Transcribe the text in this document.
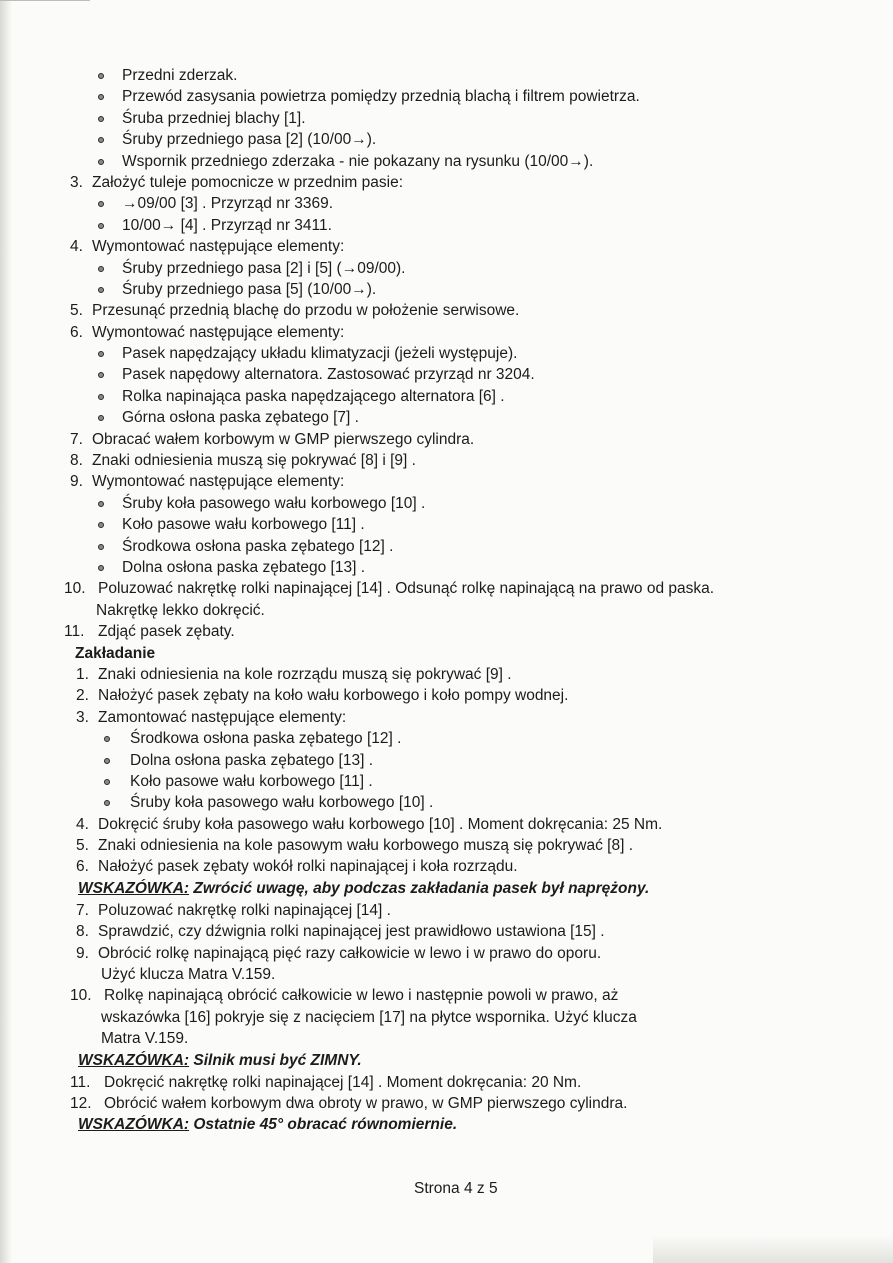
Przedni zderzak.
Przewód zasysania powietrza pomiędzy przednią blachą i filtrem powietrza.
Śruba przedniej blachy [1].
Śruby przedniego pasa [2] (10/00→).
Wspornik przedniego zderzaka - nie pokazany na rysunku (10/00→).
3. Założyć tuleje pomocnicze w przednim pasie:
→09/00 [3] . Przyrząd nr 3369.
10/00→ [4] . Przyrząd nr 3411.
4. Wymontować następujące elementy:
Śruby przedniego pasa [2] i [5] (→09/00).
Śruby przedniego pasa [5] (10/00→).
5. Przesunąć przednią blachę do przodu w położenie serwisowe.
6. Wymontować następujące elementy:
Pasek napędzający układu klimatyzacji (jeżeli występuje).
Pasek napędowy alternatora. Zastosować przyrząd nr 3204.
Rolka napinająca paska napędzającego alternatora [6] .
Górna osłona paska zębatego [7] .
7. Obracać wałem korbowym w GMP pierwszego cylindra.
8. Znaki odniesienia muszą się pokrywać [8] i [9] .
9. Wymontować następujące elementy:
Śruby koła pasowego wału korbowego [10] .
Koło pasowe wału korbowego [11] .
Środkowa osłona paska zębatego [12] .
Dolna osłona paska zębatego [13] .
10. Poluzować nakrętkę rolki napinającej [14] . Odsunąć rolkę napinającą na prawo od paska.
Nakrętkę lekko dokręcić.
11. Zdjąć pasek zębaty.
Zakładanie
1. Znaki odniesienia na kole rozrządu muszą się pokrywać [9] .
2. Nałożyć pasek zębaty na koło wału korbowego i koło pompy wodnej.
3. Zamontować następujące elementy:
Środkowa osłona paska zębatego [12] .
Dolna osłona paska zębatego [13] .
Koło pasowe wału korbowego [11] .
Śruby koła pasowego wału korbowego [10] .
4. Dokręcić śruby koła pasowego wału korbowego [10] . Moment dokręcania: 25 Nm.
5. Znaki odniesienia na kole pasowym wału korbowego muszą się pokrywać [8] .
6. Nałożyć pasek zębaty wokół rolki napinającej i koła rozrządu.
WSKAZÓWKA: Zwrócić uwagę, aby podczas zakładania pasek był naprężony.
7. Poluzować nakrętkę rolki napinającej [14] .
8. Sprawdzić, czy dźwignia rolki napinającej jest prawidłowo ustawiona [15] .
9. Obrócić rolkę napinającą pięć razy całkowicie w lewo i w prawo do oporu.
Użyć klucza Matra V.159.
10. Rolkę napinającą obrócić całkowicie w lewo i następnie powoli w prawo, aż
wskazówka [16] pokryje się z nacięciem [17] na płytce wspornika. Użyć klucza
Matra V.159.
WSKAZÓWKA: Silnik musi być ZIMNY.
11. Dokręcić nakrętkę rolki napinającej [14] . Moment dokręcania: 20 Nm.
12. Obrócić wałem korbowym dwa obroty w prawo, w GMP pierwszego cylindra.
WSKAZÓWKA: Ostatnie 45° obracać równomiernie.
Strona 4 z 5
